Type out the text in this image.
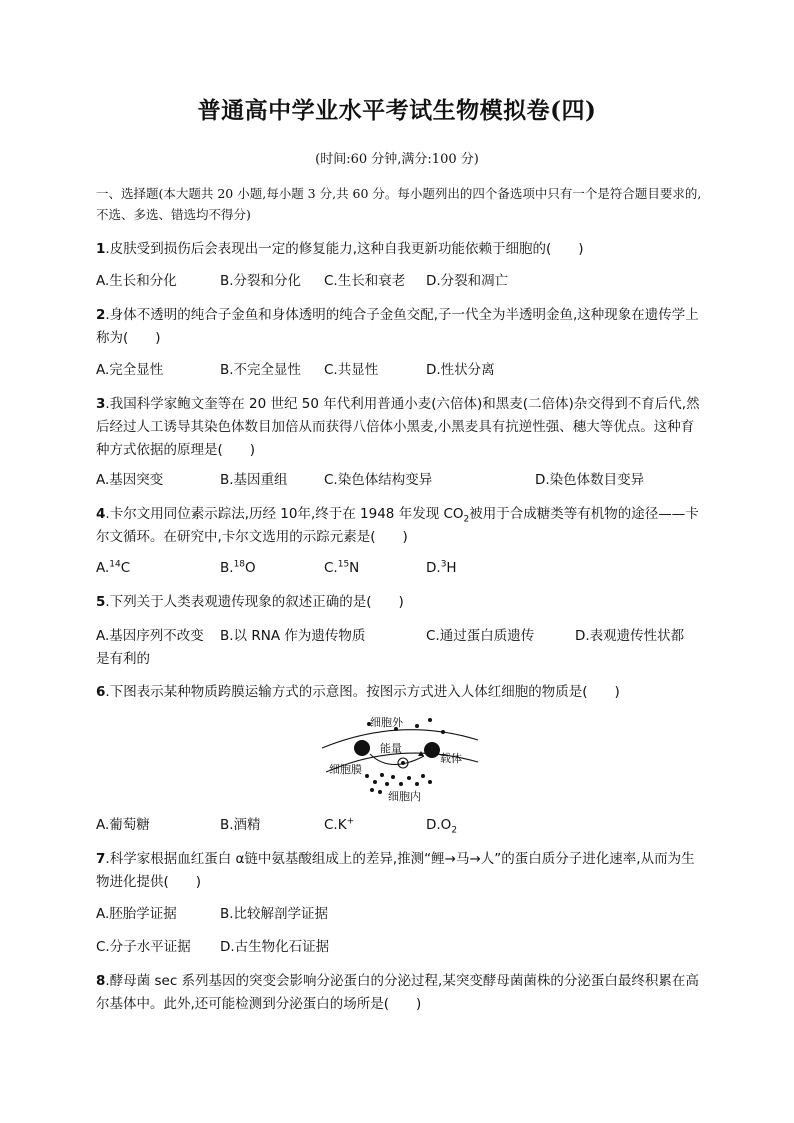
普通高中学业水平考试生物模拟卷(四)
(时间:60 分钟,满分:100 分)
一、选择题(本大题共 20 小题,每小题 3 分,共 60 分。每小题列出的四个备选项中只有一个是符合题目要求的,不选、多选、错选均不得分)
1.皮肤受到损伤后会表现出一定的修复能力,这种自我更新功能依赖于细胞的(　　)
A.生长和分化	B.分裂和分化 C.生长和衰老 D.分裂和凋亡
2.身体不透明的纯合子金鱼和身体透明的纯合子金鱼交配,子一代全为半透明金鱼,这种现象在遗传学上称为(　　)
A.完全显性	B.不完全显性 C.共显性	D.性状分离
3.我国科学家鲍文奎等在 20 世纪 50 年代利用普通小麦(六倍体)和黑麦(二倍体)杂交得到不育后代,然后经过人工诱导其染色体数目加倍从而获得八倍体小黑麦,小黑麦具有抗逆性强、穗大等优点。这种育种方式依据的原理是(　　)
A.基因突变	B.基因重组	C.染色体结构变异	D.染色体数目变异
4.卡尔文用同位素示踪法,历经 10年,终于在 1948 年发现 $CO_2$被用于合成糖类等有机物的途径——卡尔文循环。在研究中,卡尔文选用的示踪元素是(　　)
A.$^{14}$C	B.$^{18}$O	C.$^{15}$N	D.$^3$H
5.下列关于人类表观遗传现象的叙述正确的是(　　)
A.基因序列不改变 B.以 RNA 作为遗传物质	C.通过蛋白质遗传	D.表观遗传性状都
是有利的
6.下图表示某种物质跨膜运输方式的示意图。按图示方式进入人体红细胞的物质是(　　)
细胞外
能量
载体
细胞膜
细胞内
A.葡萄糖	B.酒精	C.K+	$D.O_2$
7.科学家根据血红蛋白 α链中氨基酸组成上的差异,推测“鲤→马→人”的蛋白质分子进化速率,从而为生物进化提供(　　)
A.胚胎学证据	B.比较解剖学证据
C.分子水平证据 D.古生物化石证据
8.酵母菌 sec 系列基因的突变会影响分泌蛋白的分泌过程,某突变酵母菌菌株的分泌蛋白最终积累在高尔基体中。此外,还可能检测到分泌蛋白的场所是(　　)
